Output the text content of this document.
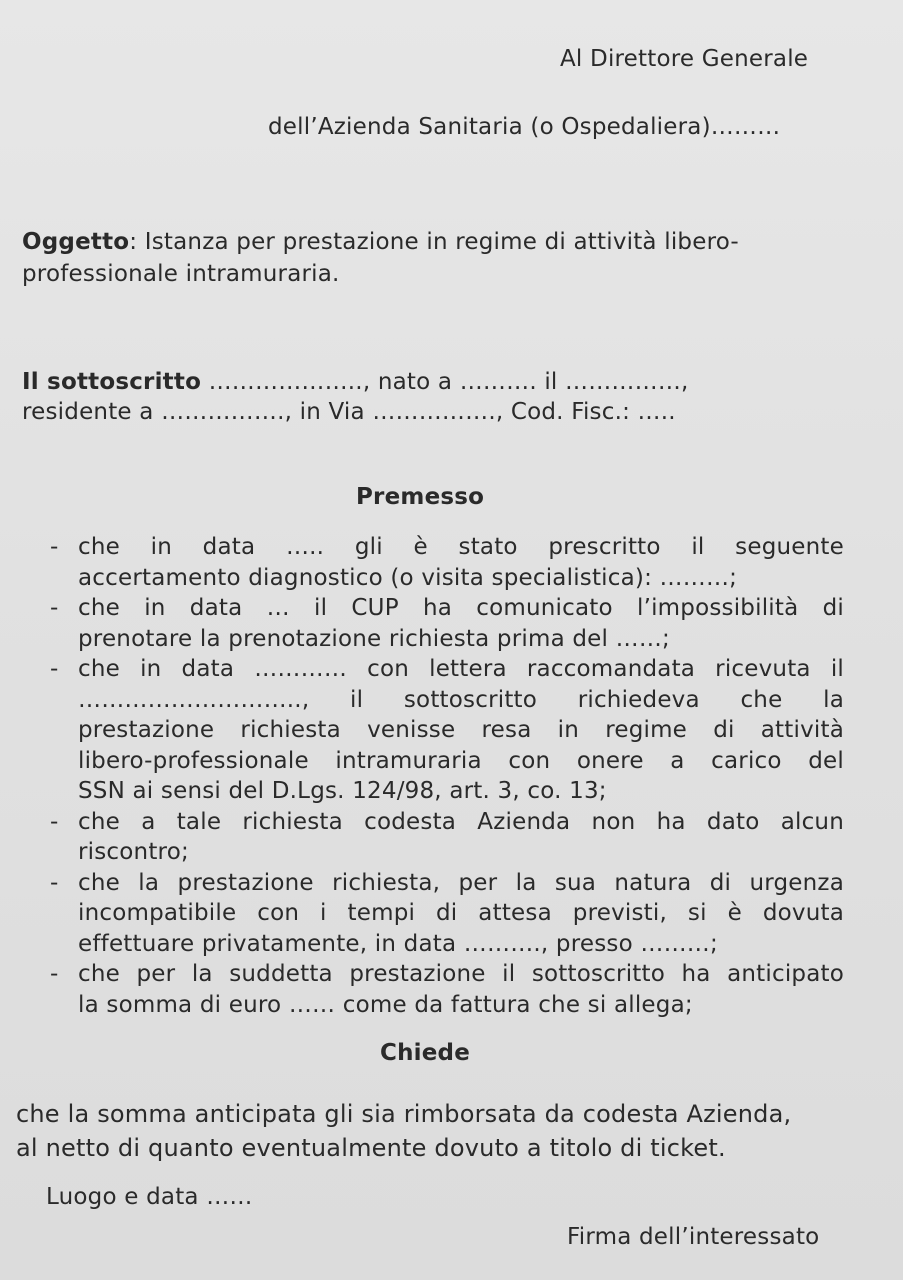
Al Direttore Generale
dell’Azienda Sanitaria (o Ospedaliera)………
Oggetto: Istanza per prestazione in regime di attività libero-
professionale intramuraria.
Il sottoscritto ……………….., nato a ………. il ……………,
residente a ……………., in Via ……………., Cod. Fisc.: …..
Premesso
- che in data ….. gli è stato prescritto il seguente
accertamento diagnostico (o visita specialistica): ………;
- che in data … il CUP ha comunicato l’impossibilità di
prenotare la prenotazione richiesta prima del ……;
- che in data ………… con lettera raccomandata ricevuta il
……………………….., il sottoscritto richiedeva che la
prestazione richiesta venisse resa in regime di attività
libero-professionale intramuraria con onere a carico del
SSN ai sensi del D.Lgs. 124/98, art. 3, co. 13;
- che a tale richiesta codesta Azienda non ha dato alcun
riscontro;
- che la prestazione richiesta, per la sua natura di urgenza
incompatibile con i tempi di attesa previsti, si è dovuta
effettuare privatamente, in data ………., presso ………;
- che per la suddetta prestazione il sottoscritto ha anticipato
la somma di euro …… come da fattura che si allega;
Chiede
che la somma anticipata gli sia rimborsata da codesta Azienda,
al netto di quanto eventualmente dovuto a titolo di ticket.
Luogo e data ……
Firma dell’interessato
